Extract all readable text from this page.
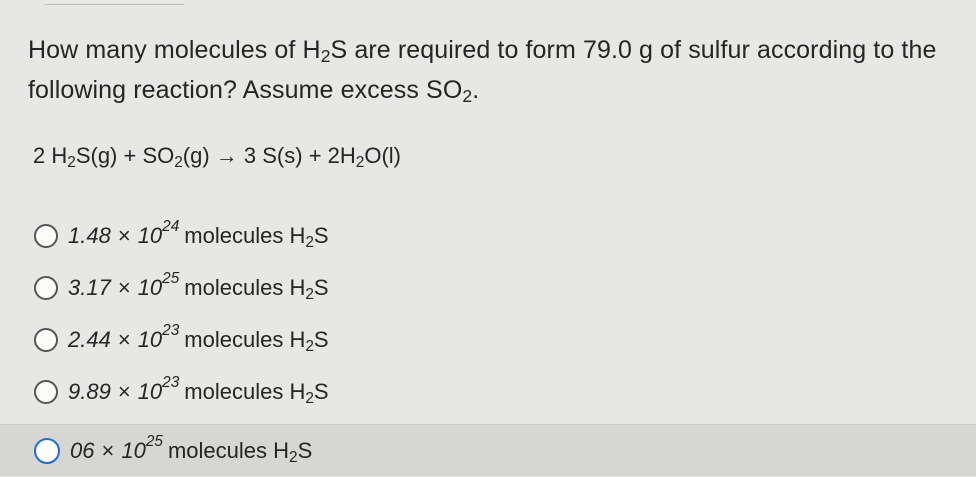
How many molecules of $H_2S$ are required to form 79.0 g of sulfur according to the
following reaction? Assume excess $SO_2$.
2 $H_2S(g) + SO_2(g) \to 3$ $S(s) + 2H_2O(l)$
$1.48 \times 10^{24}$ molecules $H_2S$
$3.17 \times 10^{25}$ molecules $H_2S$
$2.44 \times 10^{23}$ molecules $H_2S$
$9.89 \times 10^{23}$ molecules $H_2S$
$06 \times 10^{25}$ molecules $H_2S$
